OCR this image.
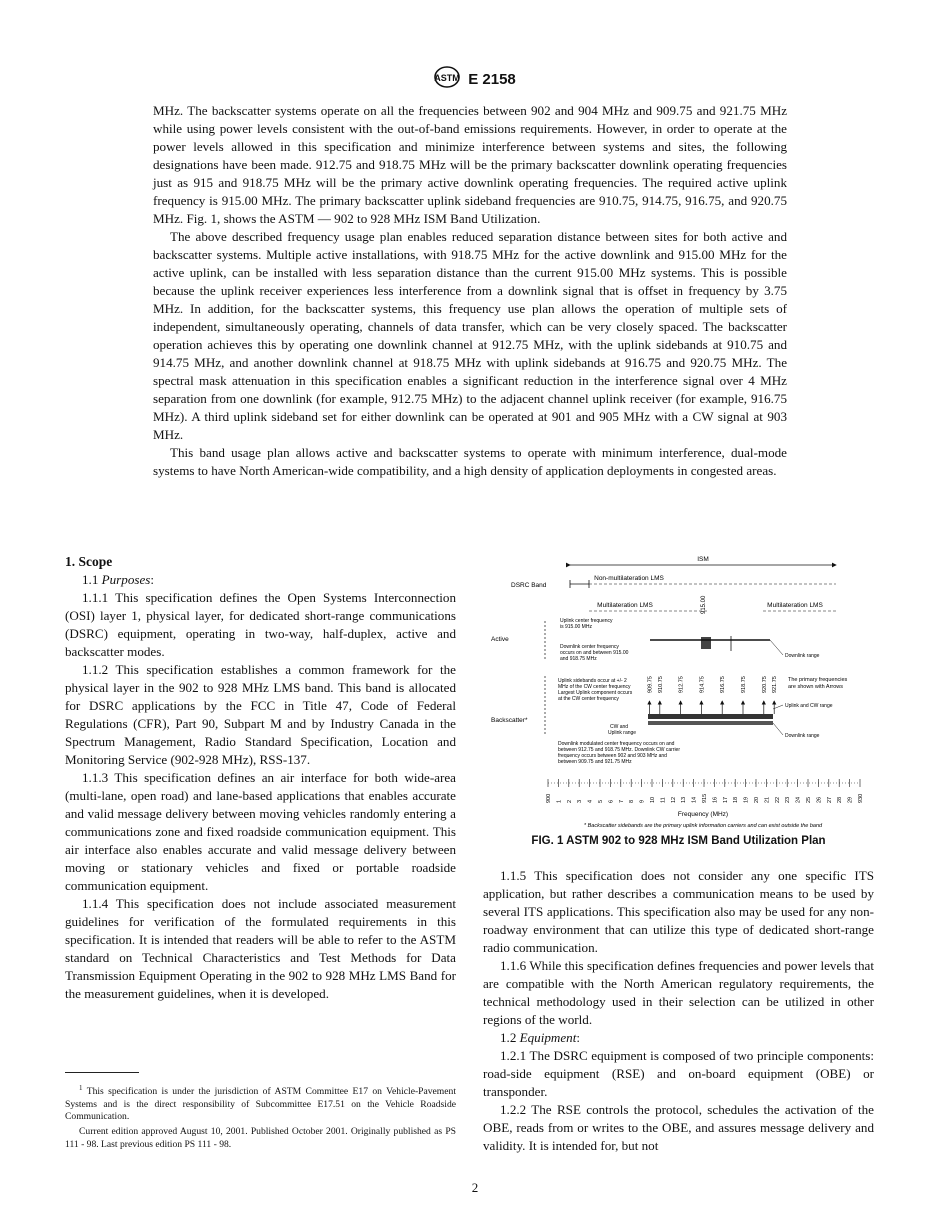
ASTM E 2158

MHz. The backscatter systems operate on all the frequencies between 902 and 904 MHz and 909.75 and 921.75 MHz while using power levels consistent with the out-of-band emissions requirements. However, in order to operate at the power levels allowed in this specification and minimize interference between systems and sites, the following designations have been made. 912.75 and 918.75 MHz will be the primary backscatter downlink operating frequencies just as 915 and 918.75 MHz will be the primary active downlink operating frequencies. The required active uplink frequency is 915.00 MHz. The primary backscatter uplink sideband frequencies are 910.75, 914.75, 916.75, and 920.75 MHz. Fig. 1, shows the ASTM — 902 to 928 MHz ISM Band Utilization.

The above described frequency usage plan enables reduced separation distance between sites for both active and backscatter systems. Multiple active installations, with 918.75 MHz for the active downlink and 915.00 MHz for the active uplink, can be installed with less separation distance than the current 915.00 MHz systems. This is possible because the uplink receiver experiences less interference from a downlink signal that is offset in frequency by 3.75 MHz. In addition, for the backscatter systems, this frequency use plan allows the operation of multiple sets of independent, simultaneously operating, channels of data transfer, which can be very closely spaced. The backscatter operation achieves this by operating one downlink channel at 912.75 MHz, with the uplink sidebands at 910.75 and 914.75 MHz, and another downlink channel at 918.75 MHz with uplink sidebands at 916.75 and 920.75 MHz. The spectral mask attenuation in this specification enables a significant reduction in the interference signal over 4 MHz separation from one downlink (for example, 912.75 MHz) to the adjacent channel uplink receiver (for example, 916.75 MHz). A third uplink sideband set for either downlink can be operated at 901 and 905 MHz with a CW signal at 903 MHz.

This band usage plan allows active and backscatter systems to operate with minimum interference, dual-mode systems to have North American-wide compatibility, and a high density of application deployments in congested areas.

1. Scope

1.1 Purposes:

1.1.1 This specification defines the Open Systems Interconnection (OSI) layer 1, physical layer, for dedicated short-range communications (DSRC) equipment, operating in two-way, half-duplex, active and backscatter modes.

1.1.2 This specification establishes a common framework for the physical layer in the 902 to 928 MHz LMS band. This band is allocated for DSRC applications by the FCC in Title 47, Code of Federal Regulations (CFR), Part 90, Subpart M and by Industry Canada in the Spectrum Management, Radio Standard Specification, Location and Monitoring Service (902-928 MHz), RSS-137.

1.1.3 This specification defines an air interface for both wide-area (multi-lane, open road) and lane-based applications that enables accurate and valid message delivery between moving vehicles randomly entering a communications zone and fixed roadside communication equipment. This air interface also enables accurate and valid message delivery between moving or stationary vehicles and fixed or portable roadside communication equipment.

1.1.4 This specification does not include associated measurement guidelines for verification of the formulated requirements in this specification. It is intended that readers will be able to refer to the ASTM standard on Technical Characteristics and Test Methods for Data Transmission Equipment Operating in the 902 to 928 MHz LMS Band for the measurement guidelines, when it is developed.

$^1$ This specification is under the jurisdiction of ASTM Committee E17 on Vehicle-Pavement Systems and is the direct responsibility of Subcommittee E17.51 on the Vehicle Roadside Communication.

Current edition approved August 10, 2001. Published October 2001. Originally published as PS 111 - 98. Last previous edition PS 111 - 98.

ISM
DSRC Band
Non-multilateration LMS
Multilateration LMS	Multilateration LMS
915.00
Active
Uplink center frequency
is 915.00 MHz
Downlink center frequency
occurs on and between 915.00
and 918.75 MHz	Downlink range
909.75 910.75	912.75	914.75	916.75	918.75	920.75 921.75 The primary frequencies
are shown with Arrows
Uplink sidebands occur at +/- 2
MHz of the CW center frequency
Largest Uplink component occurs
at the CW center frequency
Backscatter*
Uplink and CW range
Downlink range
CW and
Uplink range
Downlink modulated center frequency occurs on and
between 912.75 and 918.75 MHz. Downlink CW carrier
frequency occurs between 902 and 903 MHz and
between 909.75 and 921.75 MHz
900 1 2 3 4 5 6 7 8 9 10 11 12 13 14 915 16 17 18 19 20 21 22 23 24 25 26 27 28 29 930
Frequency (MHz)
* Backscatter sidebands are the primary uplink information carriers and can exist outside the band
FIG. 1 ASTM 902 to 928 MHz ISM Band Utilization Plan

1.1.5 This specification does not consider any one specific ITS application, but rather describes a communication means to be used by several ITS applications. This specification also may be used for any non-roadway environment that can utilize this type of dedicated short-range radio communication.

1.1.6 While this specification defines frequencies and power levels that are compatible with the North American regulatory requirements, the technical methodology used in their selection can be utilized in other regions of the world.

1.2 Equipment:

1.2.1 The DSRC equipment is composed of two principle components: road-side equipment (RSE) and on-board equipment (OBE) or transponder.

1.2.2 The RSE controls the protocol, schedules the activation of the OBE, reads from or writes to the OBE, and assures message delivery and validity. It is intended for, but not

2
